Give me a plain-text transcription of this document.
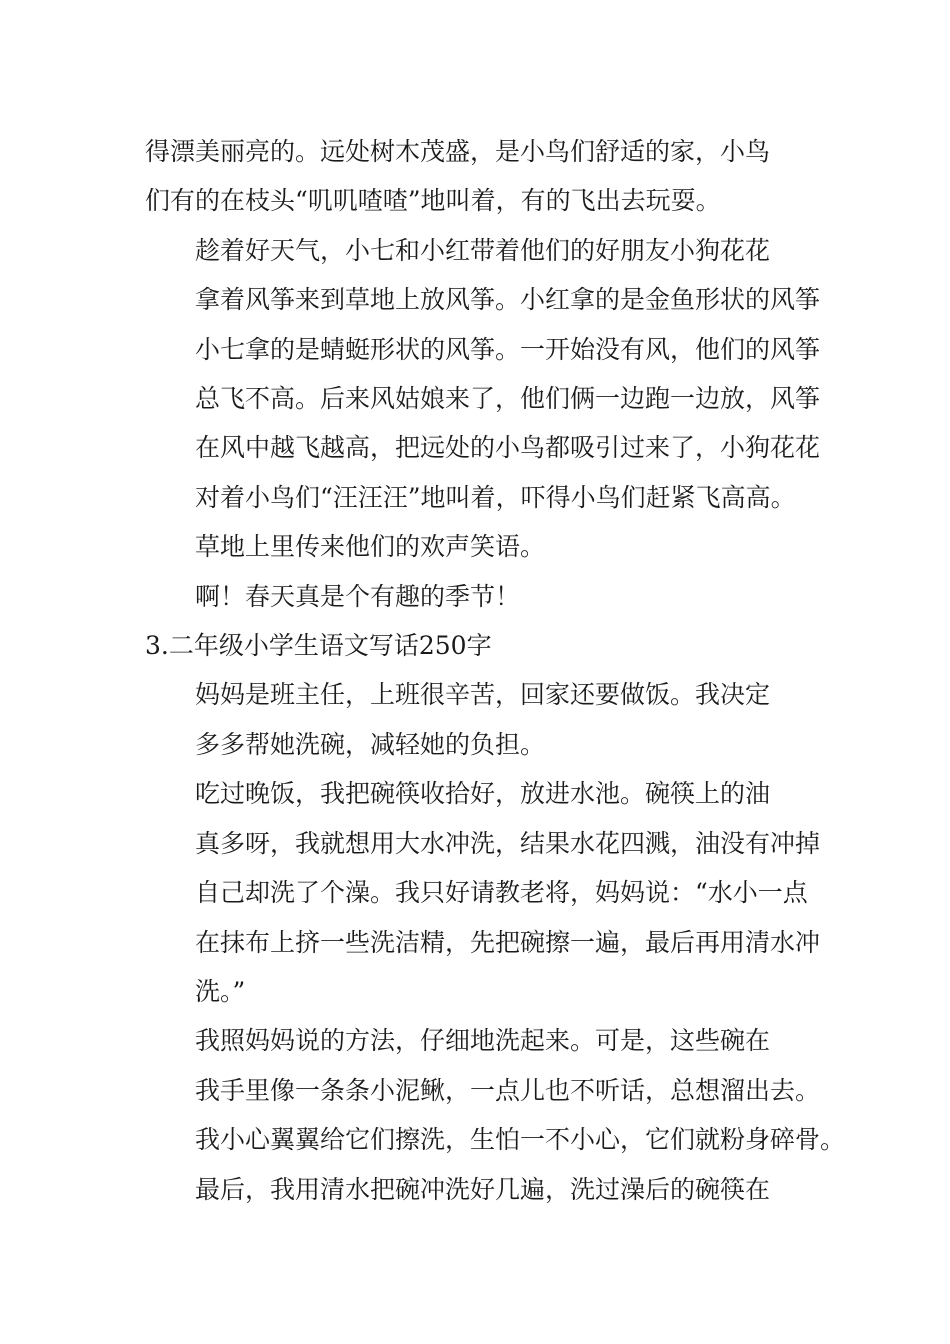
得漂美丽亮的。远处树木茂盛，是小鸟们舒适的家，小鸟
们有的在枝头“叽叽喳喳”地叫着，有的飞出去玩耍。
趁着好天气，小七和小红带着他们的好朋友小狗花花
拿着风筝来到草地上放风筝。小红拿的是金鱼形状的风筝
小七拿的是蜻蜓形状的风筝。一开始没有风，他们的风筝
总飞不高。后来风姑娘来了，他们俩一边跑一边放，风筝
在风中越飞越高，把远处的小鸟都吸引过来了，小狗花花
对着小鸟们“汪汪汪”地叫着，吓得小鸟们赶紧飞高高。
草地上里传来他们的欢声笑语。
啊！春天真是个有趣的季节！
3.二年级小学生语文写话250字
妈妈是班主任，上班很辛苦，回家还要做饭。我决定
多多帮她洗碗，减轻她的负担。
吃过晚饭，我把碗筷收拾好，放进水池。碗筷上的油
真多呀，我就想用大水冲洗，结果水花四溅，油没有冲掉
自己却洗了个澡。我只好请教老将，妈妈说：“水小一点
在抹布上挤一些洗洁精，先把碗擦一遍，最后再用清水冲
洗。”
我照妈妈说的方法，仔细地洗起来。可是，这些碗在
我手里像一条条小泥鳅，一点儿也不听话，总想溜出去。
我小心翼翼给它们擦洗，生怕一不小心，它们就粉身碎骨。
最后，我用清水把碗冲洗好几遍，洗过澡后的碗筷在
